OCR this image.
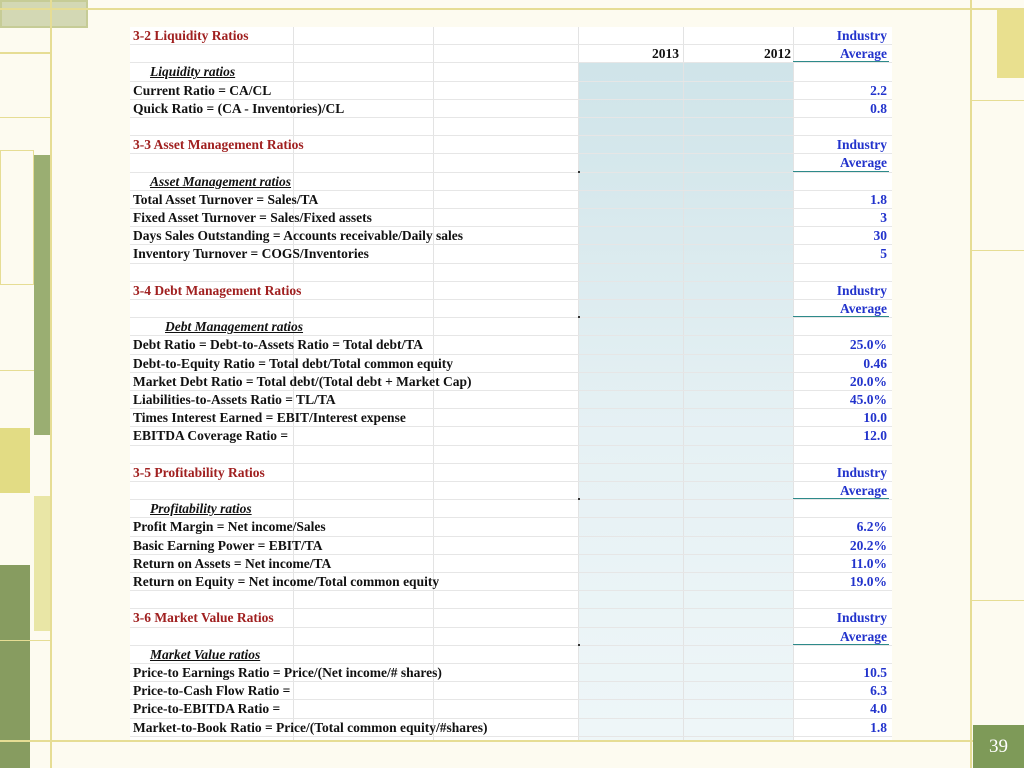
3-2 Liquidity Ratios	Industry
2013	2012	Average
Liquidity ratios
Current Ratio = CA/CL	2.2
Quick Ratio = (CA - Inventories)/CL	0.8
3-3 Asset Management Ratios	Industry
Average
Asset Management ratios
Total Asset Turnover = Sales/TA	1.8
Fixed Asset Turnover = Sales/Fixed assets	3
Days Sales Outstanding = Accounts receivable/Daily sales	30
Inventory Turnover = COGS/Inventories	5
3-4 Debt Management Ratios	Industry
Average
Debt Management ratios
Debt Ratio = Debt-to-Assets Ratio = Total debt/TA	25.0%
Debt-to-Equity Ratio = Total debt/Total common equity	0.46
Market Debt Ratio = Total debt/(Total debt + Market Cap)	20.0%
Liabilities-to-Assets Ratio = TL/TA	45.0%
Times Interest Earned = EBIT/Interest expense	10.0
EBITDA Coverage Ratio =	12.0
3-5 Profitability Ratios	Industry
Average
Profitability ratios
Profit Margin = Net income/Sales	6.2%
Basic Earning Power = EBIT/TA	20.2%
Return on Assets = Net income/TA	11.0%
Return on Equity = Net income/Total common equity	19.0%
3-6 Market Value Ratios	Industry
Average
Market Value ratios
Price-to Earnings Ratio = Price/(Net income/# shares)	10.5
Price-to-Cash Flow Ratio =	6.3
Price-to-EBITDA Ratio =	4.0
Market-to-Book Ratio = Price/(Total common equity/#shares)	1.8
39
